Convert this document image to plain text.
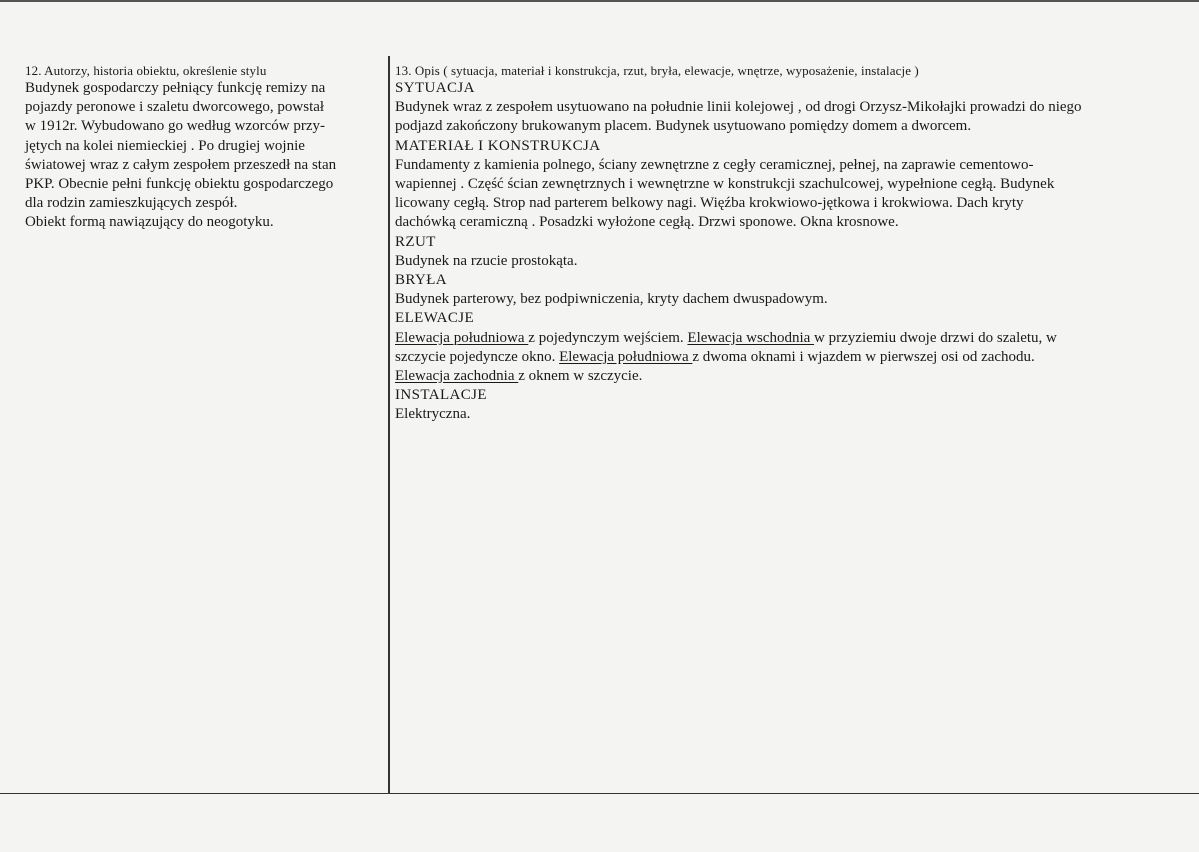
12. Autorzy, historia obiektu, określenie stylu

Budynek gospodarczy pełniący funkcję remizy na

pojazdy peronowe i szaletu dworcowego, powstał

w 1912r. Wybudowano go według wzorców przy-

jętych na kolei niemieckiej . Po drugiej wojnie

światowej wraz z całym zespołem przeszedł na stan

PKP. Obecnie pełni funkcję obiektu gospodarczego

dla rodzin zamieszkujących zespół.

Obiekt formą nawiązujący do neogotyku.

13. Opis ( sytuacja, materiał i konstrukcja, rzut, bryła, elewacje, wnętrze, wyposażenie, instalacje )

SYTUACJA

Budynek wraz z zespołem usytuowano na południe linii kolejowej , od drogi Orzysz-Mikołajki prowadzi do niego

podjazd zakończony brukowanym placem. Budynek usytuowano pomiędzy domem a dworcem.

MATERIAŁ I KONSTRUKCJA

Fundamenty z kamienia polnego, ściany zewnętrzne z cegły ceramicznej, pełnej, na zaprawie cementowo-

wapiennej . Część ścian zewnętrznych i wewnętrzne w konstrukcji szachulcowej, wypełnione cegłą. Budynek

licowany cegłą. Strop nad parterem belkowy nagi. Więźba krokwiowo-jętkowa i krokwiowa. Dach kryty

dachówką ceramiczną . Posadzki wyłożone cegłą. Drzwi sponowe. Okna krosnowe.

RZUT

Budynek na rzucie prostokąta.

BRYŁA

Budynek parterowy, bez podpiwniczenia, kryty dachem dwuspadowym.

ELEWACJE

Elewacja południowa z pojedynczym wejściem. Elewacja wschodnia w przyziemiu dwoje drzwi do szaletu, w

szczycie pojedyncze okno. Elewacja południowa z dwoma oknami i wjazdem w pierwszej osi od zachodu.

Elewacja zachodnia z oknem w szczycie.

INSTALACJE

Elektryczna.
